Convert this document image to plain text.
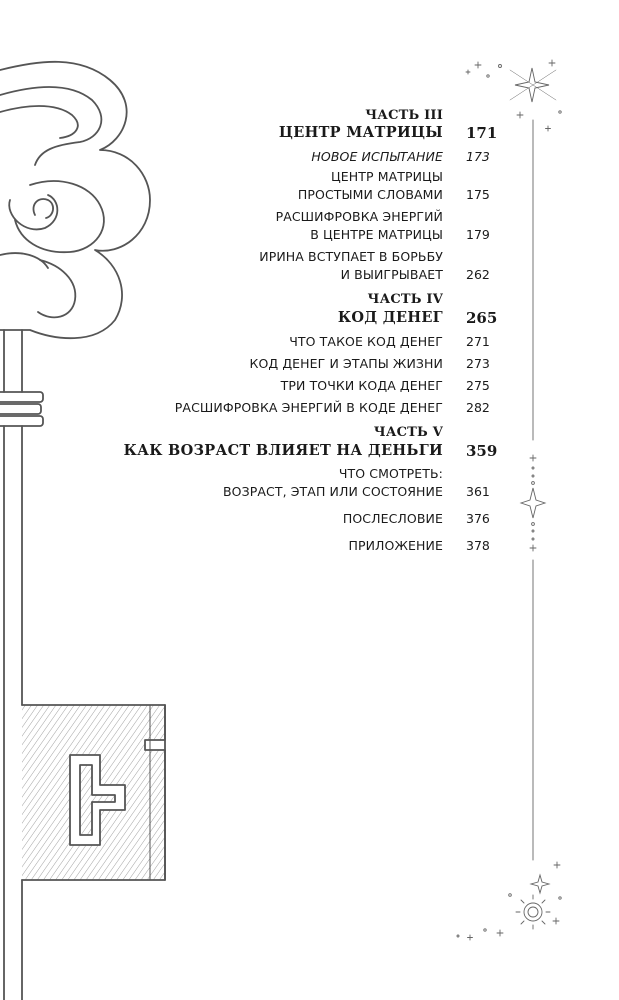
ЧАСТЬ III
ЦЕНТР МАТРИЦЫ 171
НОВОЕ ИСПЫТАНИЕ 173
ЦЕНТР МАТРИЦЫ
ПРОСТЫМИ СЛОВАМИ 175
РАСШИФРОВКА ЭНЕРГИЙ
В ЦЕНТРЕ МАТРИЦЫ 179
ИРИНА ВСТУПАЕТ В БОРЬБУ
И ВЫИГРЫВАЕТ 262
ЧАСТЬ IV
КОД ДЕНЕГ 265
ЧТО ТАКОЕ КОД ДЕНЕГ 271
КОД ДЕНЕГ И ЭТАПЫ ЖИЗНИ 273
ТРИ ТОЧКИ КОДА ДЕНЕГ 275
РАСШИФРОВКА ЭНЕРГИЙ В КОДЕ ДЕНЕГ 282
ЧАСТЬ V
КАК ВОЗРАСТ ВЛИЯЕТ НА ДЕНЬГИ 359
ЧТО СМОТРЕТЬ:
ВОЗРАСТ, ЭТАП ИЛИ СОСТОЯНИЕ 361
ПОСЛЕСЛОВИЕ 376
ПРИЛОЖЕНИЕ 378
